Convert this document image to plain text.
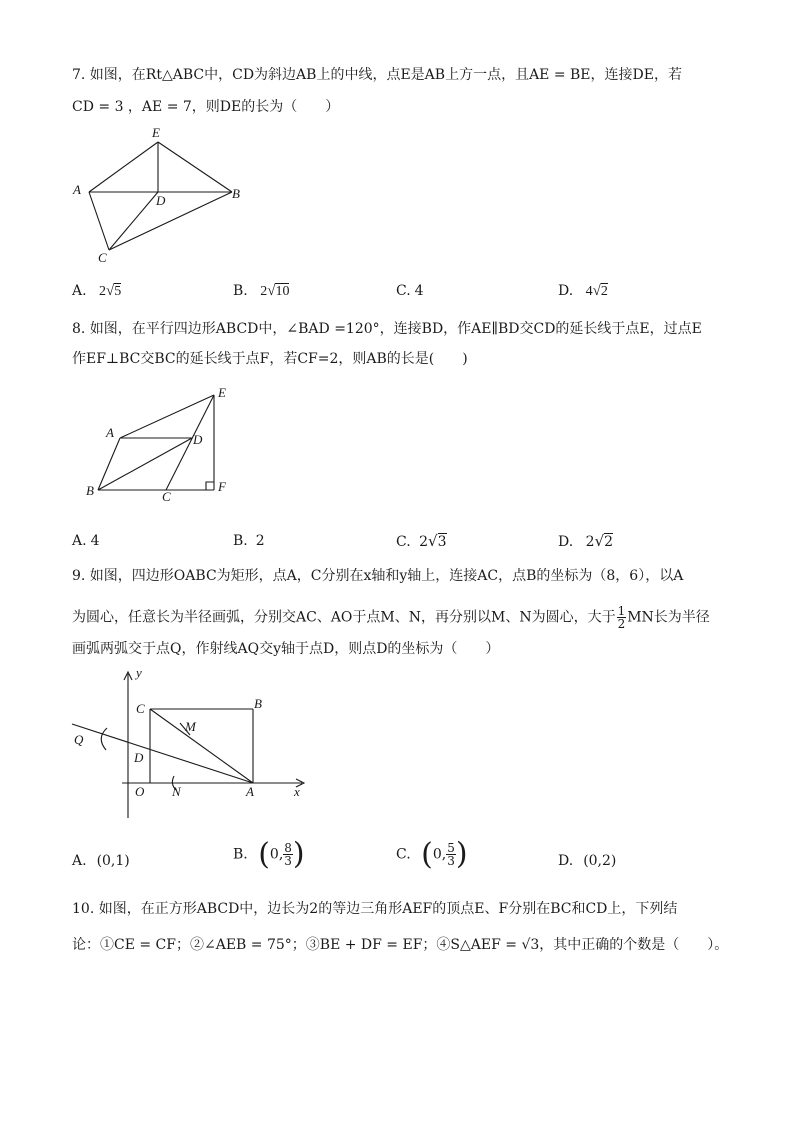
7. 如图，在Rt△ABC中，CD为斜边AB上的中线，点E是AB上方一点，且AE = BE，连接DE，若
CD = 3 ，AE = 7，则DE的长为（　　）
E
A	B
D
C
A. 2√5	B. 2√10	C. 4	D. 4√2
8. 如图，在平行四边形ABCD中，∠BAD =120°，连接BD，作AE∥BD交CD的延长线于点E，过点E
作EF⊥BC交BC的延长线于点F，若CF=2，则AB的长是(　　)
E
A	D
B	C
F
A. 4	B. 2	C. 2√3	D. 2√2
9. 如图，四边形OABC为矩形，点A，C分别在x轴和y轴上，连接AC，点B的坐标为（8，6），以A
为圆心，任意长为半径画弧，分别交AC、AO于点M、N，再分别以M、N为圆心，大于 $\frac{1}{2}$ MN长为半径
画弧两弧交于点Q，作射线AQ交y轴于点D，则点D的坐标为（　　）
y
x
C	B
M
Q
D
O N	A
A. (0,1)	B. (0, $\frac{8}{3}$ )	C. (0, $\frac{5}{3}$ )	D. (0,2)
10. 如图，在正方形ABCD中，边长为2的等边三角形AEF的顶点E、F分别在BC和CD上，下列结
论：①CE = CF；②∠AEB = 75°；③BE + DF = EF；④S△AEF = √3，其中正确的个数是（　　）。
